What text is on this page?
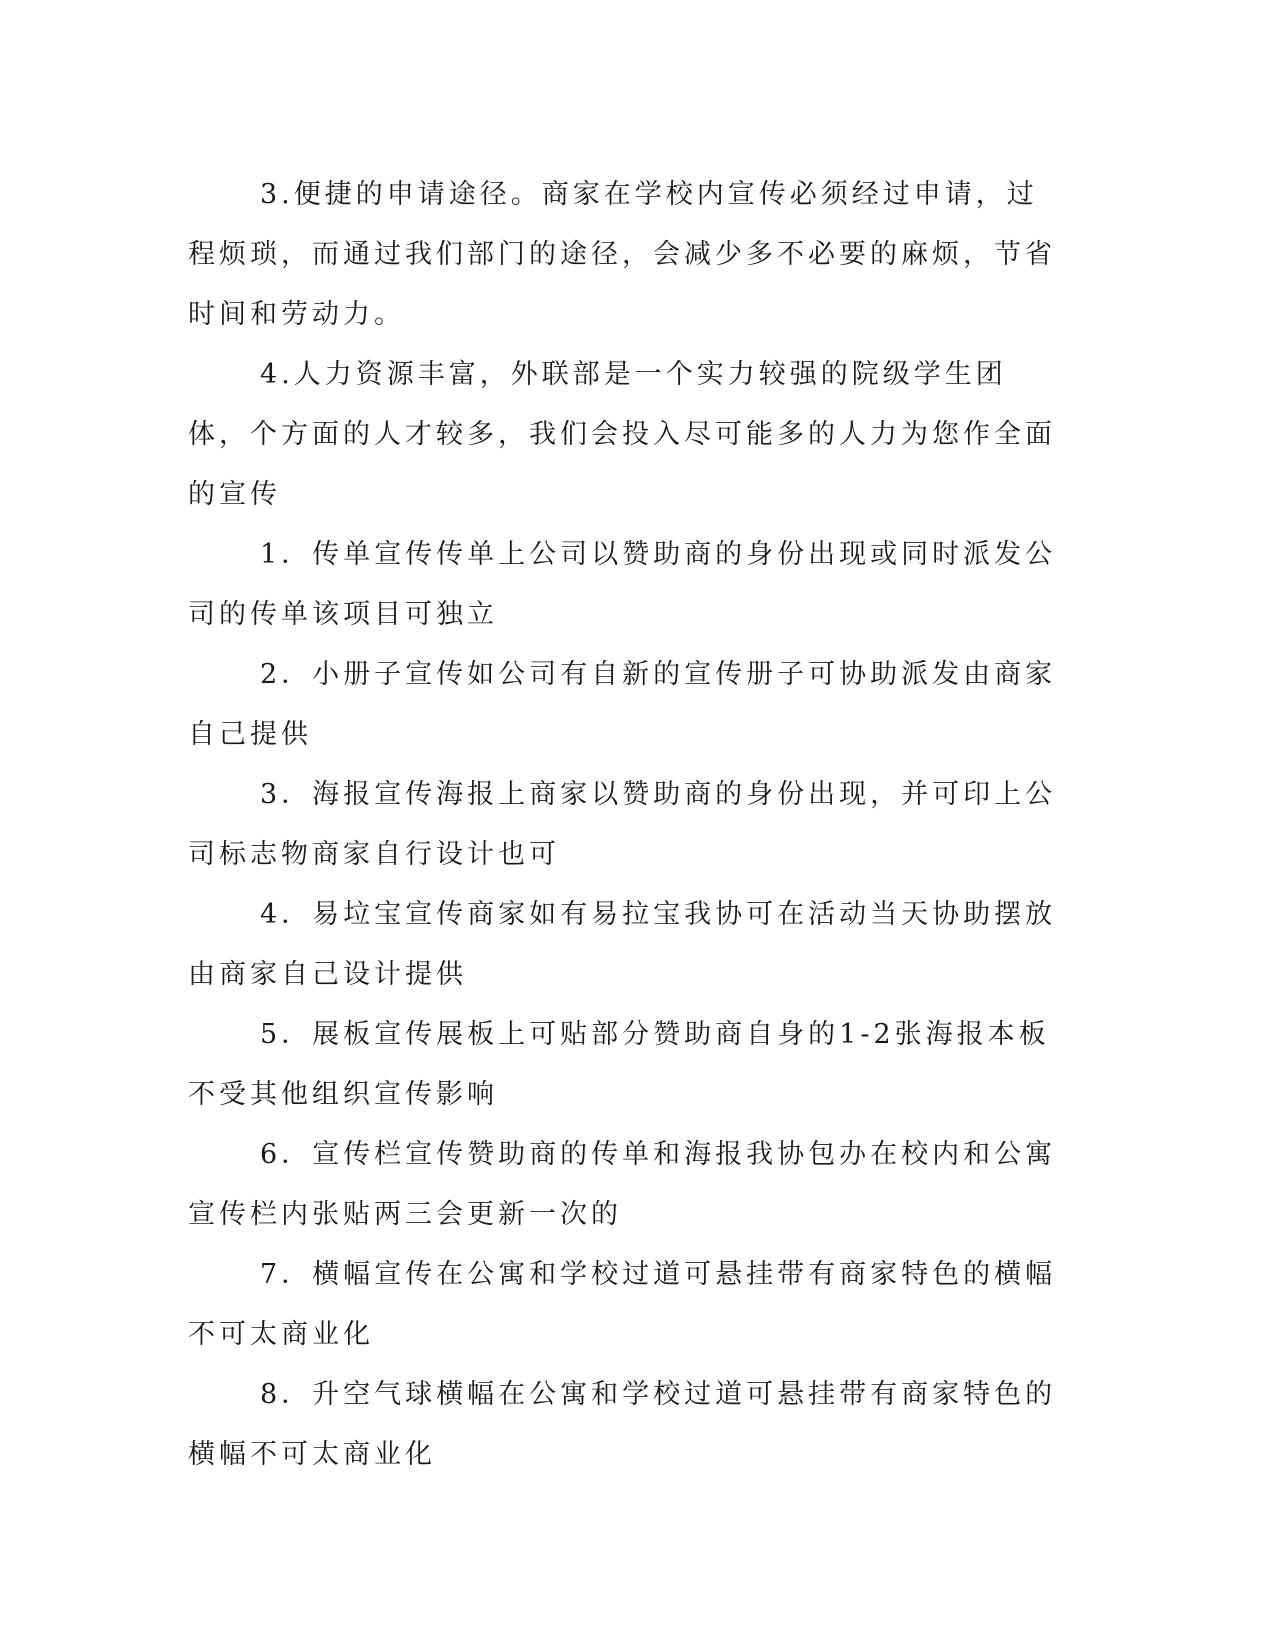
3.便捷的申请途径。商家在学校内宣传必须经过申请，过程烦琐，而通过我们部门的途径，会减少多不必要的麻烦，节省时间和劳动力。

4.人力资源丰富，外联部是一个实力较强的院级学生团体，个方面的人才较多，我们会投入尽可能多的人力为您作全面的宣传

1．传单宣传传单上公司以赞助商的身份出现或同时派发公司的传单该项目可独立

2．小册子宣传如公司有自新的宣传册子可协助派发由商家自己提供

3．海报宣传海报上商家以赞助商的身份出现，并可印上公司标志物商家自行设计也可

4．易垃宝宣传商家如有易拉宝我协可在活动当天协助摆放由商家自己设计提供

5．展板宣传展板上可贴部分赞助商自身的1-2张海报本板不受其他组织宣传影响

6．宣传栏宣传赞助商的传单和海报我协包办在校内和公寓宣传栏内张贴两三会更新一次的

7．横幅宣传在公寓和学校过道可悬挂带有商家特色的横幅不可太商业化

8．升空气球横幅在公寓和学校过道可悬挂带有商家特色的横幅不可太商业化
